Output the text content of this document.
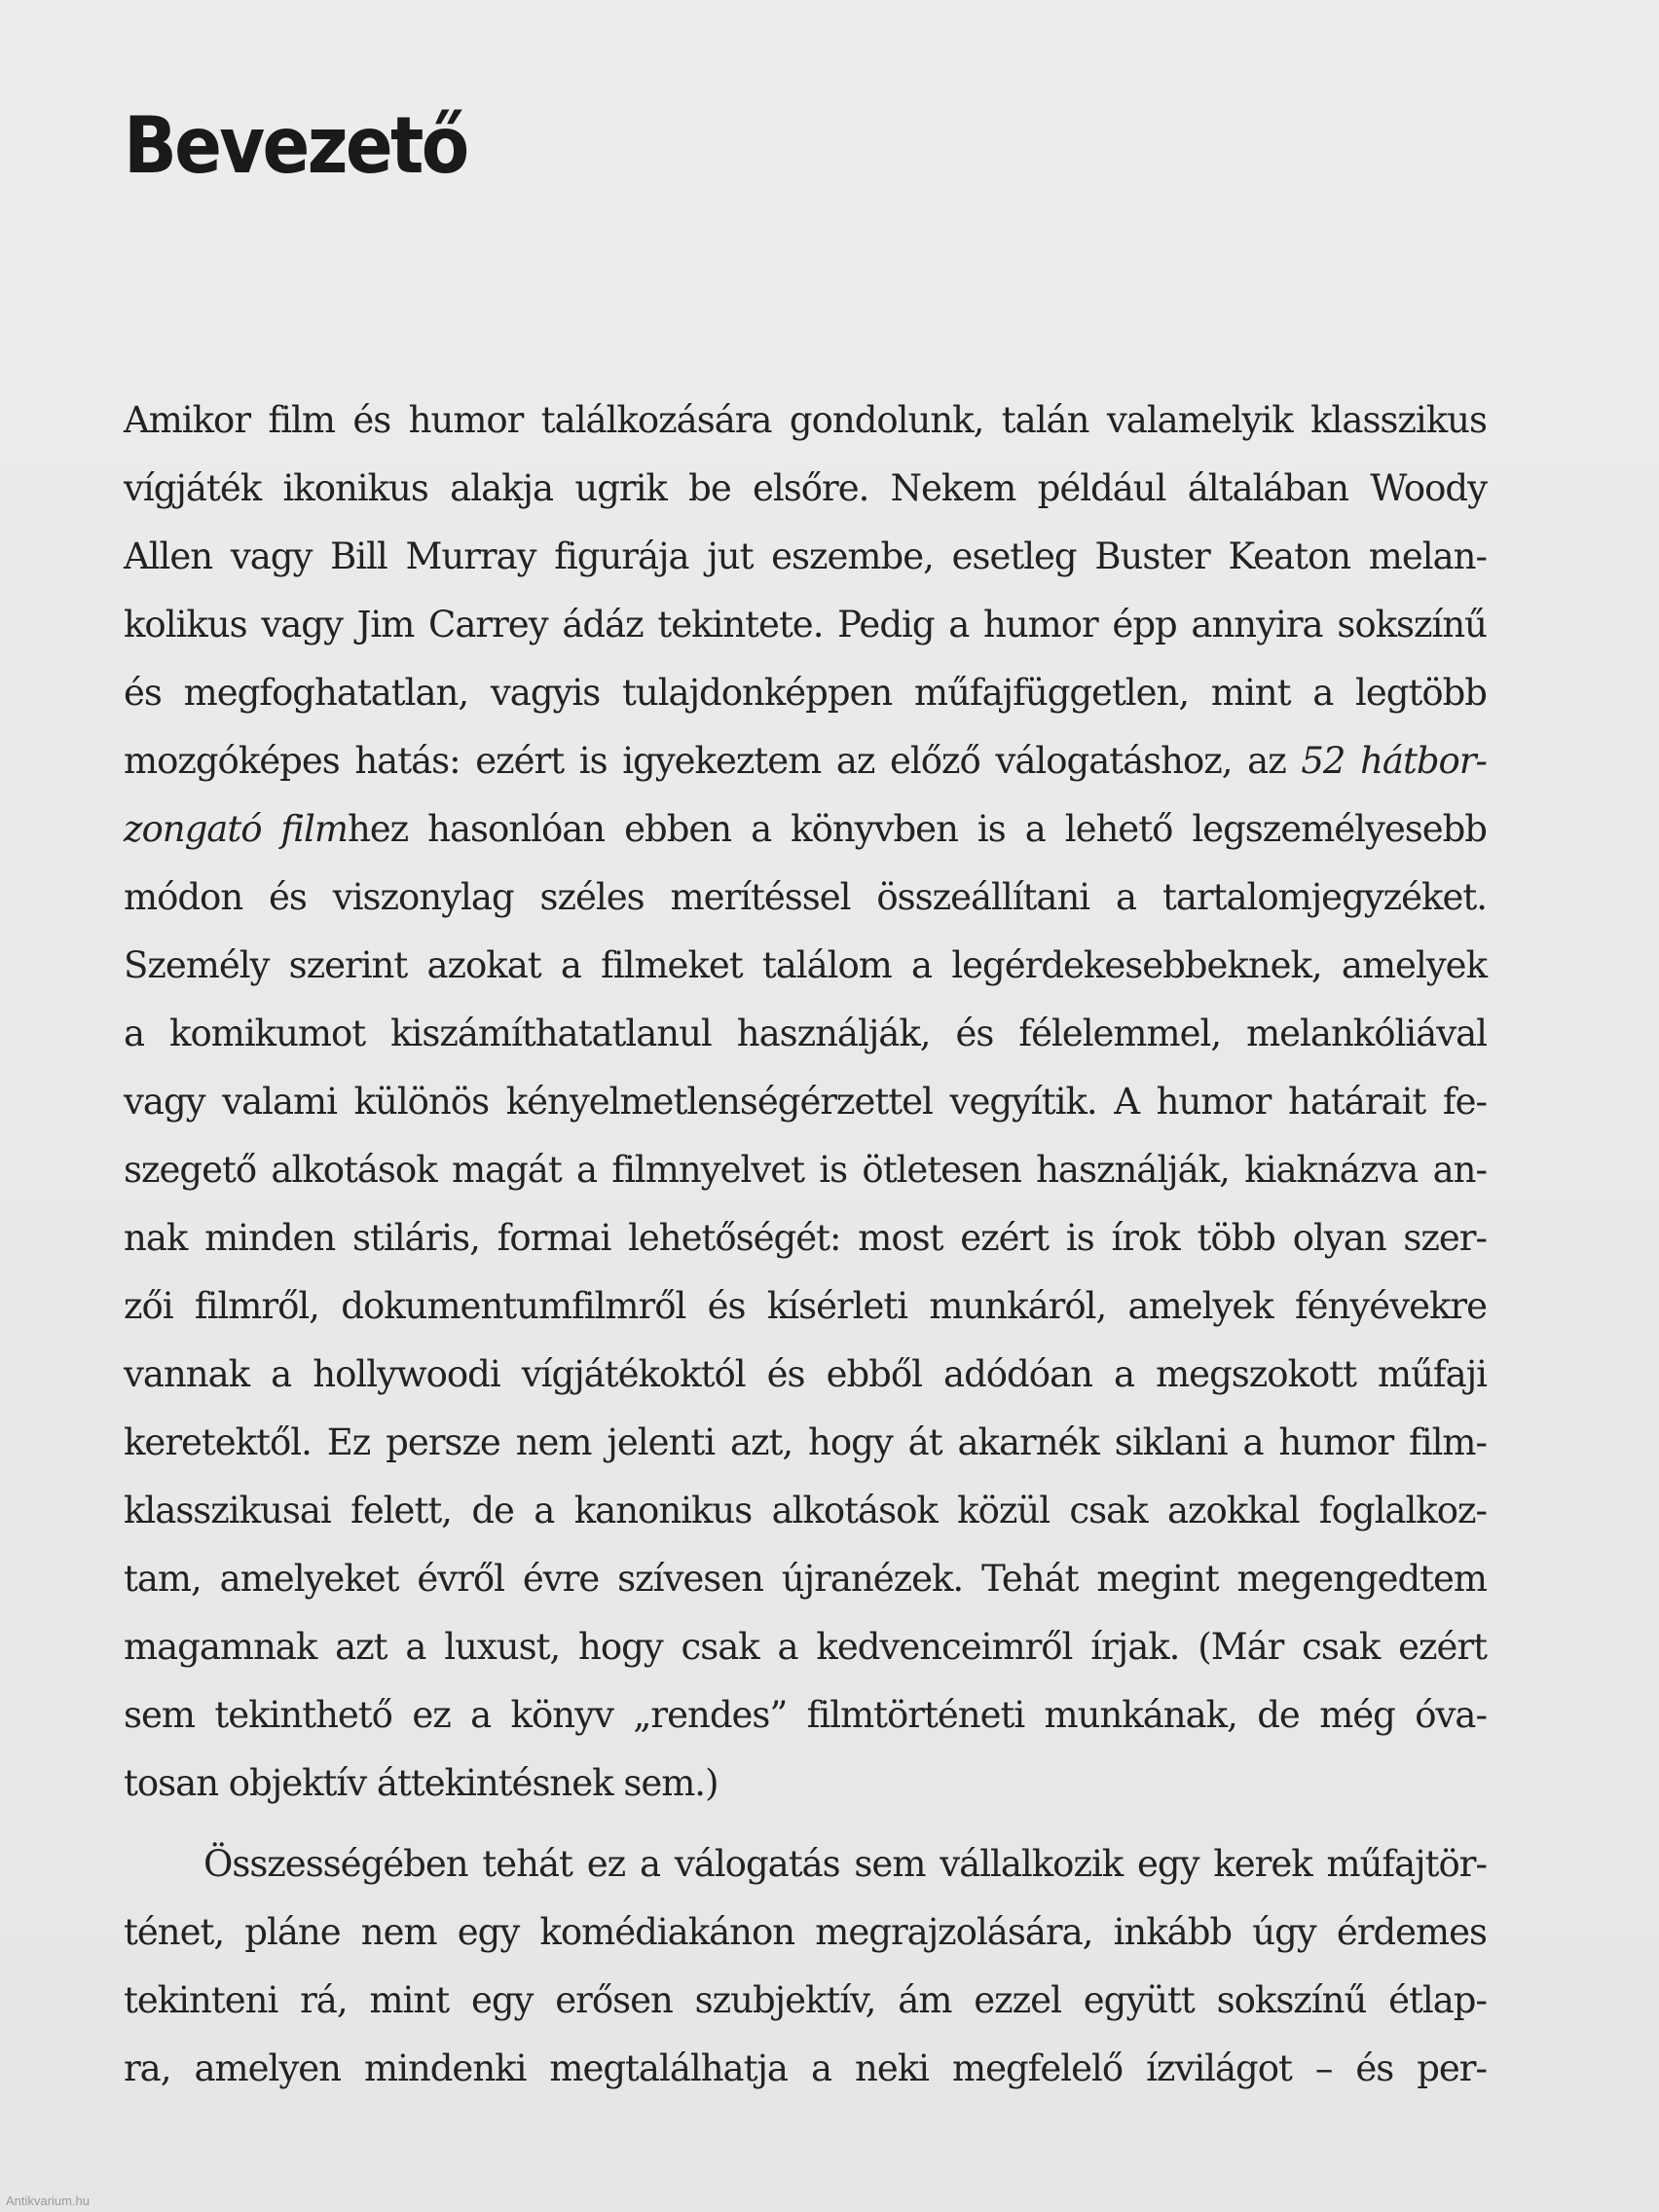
Bevezető
Amikor film és humor találkozására gondolunk, talán valamelyik klasszikus
vígjáték ikonikus alakja ugrik be elsőre. Nekem például általában Woody
Allen vagy Bill Murray figurája jut eszembe, esetleg Buster Keaton melan-
kolikus vagy Jim Carrey ádáz tekintete. Pedig a humor épp annyira sokszínű
és megfoghatatlan, vagyis tulajdonképpen műfajfüggetlen, mint a legtöbb
mozgóképes hatás: ezért is igyekeztem az előző válogatáshoz, az 52 hátbor-
zongató filmhez hasonlóan ebben a könyvben is a lehető legszemélyesebb
módon és viszonylag széles merítéssel összeállítani a tartalomjegyzéket.
Személy szerint azokat a filmeket találom a legérdekesebbeknek, amelyek
a komikumot kiszámíthatatlanul használják, és félelemmel, melankóliával
vagy valami különös kényelmetlenségérzettel vegyítik. A humor határait fe-
szegető alkotások magát a filmnyelvet is ötletesen használják, kiaknázva an-
nak minden stiláris, formai lehetőségét: most ezért is írok több olyan szer-
zői filmről, dokumentumfilmről és kísérleti munkáról, amelyek fényévekre
vannak a hollywoodi vígjátékoktól és ebből adódóan a megszokott műfaji
keretektől. Ez persze nem jelenti azt, hogy át akarnék siklani a humor film-
klasszikusai felett, de a kanonikus alkotások közül csak azokkal foglalkoz-
tam, amelyeket évről évre szívesen újranézek. Tehát megint megengedtem
magamnak azt a luxust, hogy csak a kedvenceimről írjak. (Már csak ezért
sem tekinthető ez a könyv „rendes” filmtörténeti munkának, de még óva-
tosan objektív áttekintésnek sem.)
Összességében tehát ez a válogatás sem vállalkozik egy kerek műfajtör-
ténet, pláne nem egy komédiakánon megrajzolására, inkább úgy érdemes
tekinteni rá, mint egy erősen szubjektív, ám ezzel együtt sokszínű étlap-
ra, amelyen mindenki megtalálhatja a neki megfelelő ízvilágot – és per-
Antikvarium.hu
